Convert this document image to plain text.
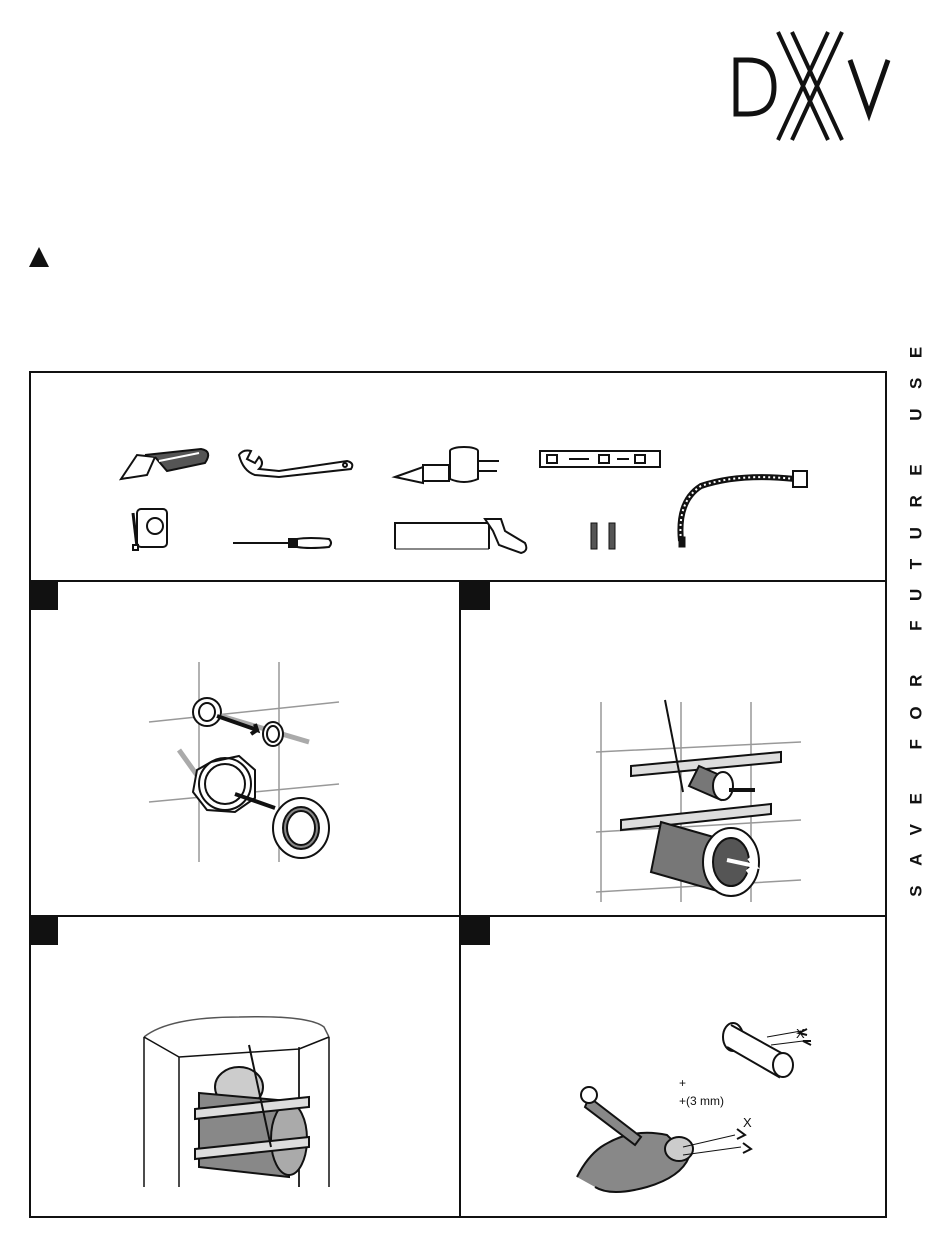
SAVE FOR FUTURE USE
X
+
+(3 mm)
X
